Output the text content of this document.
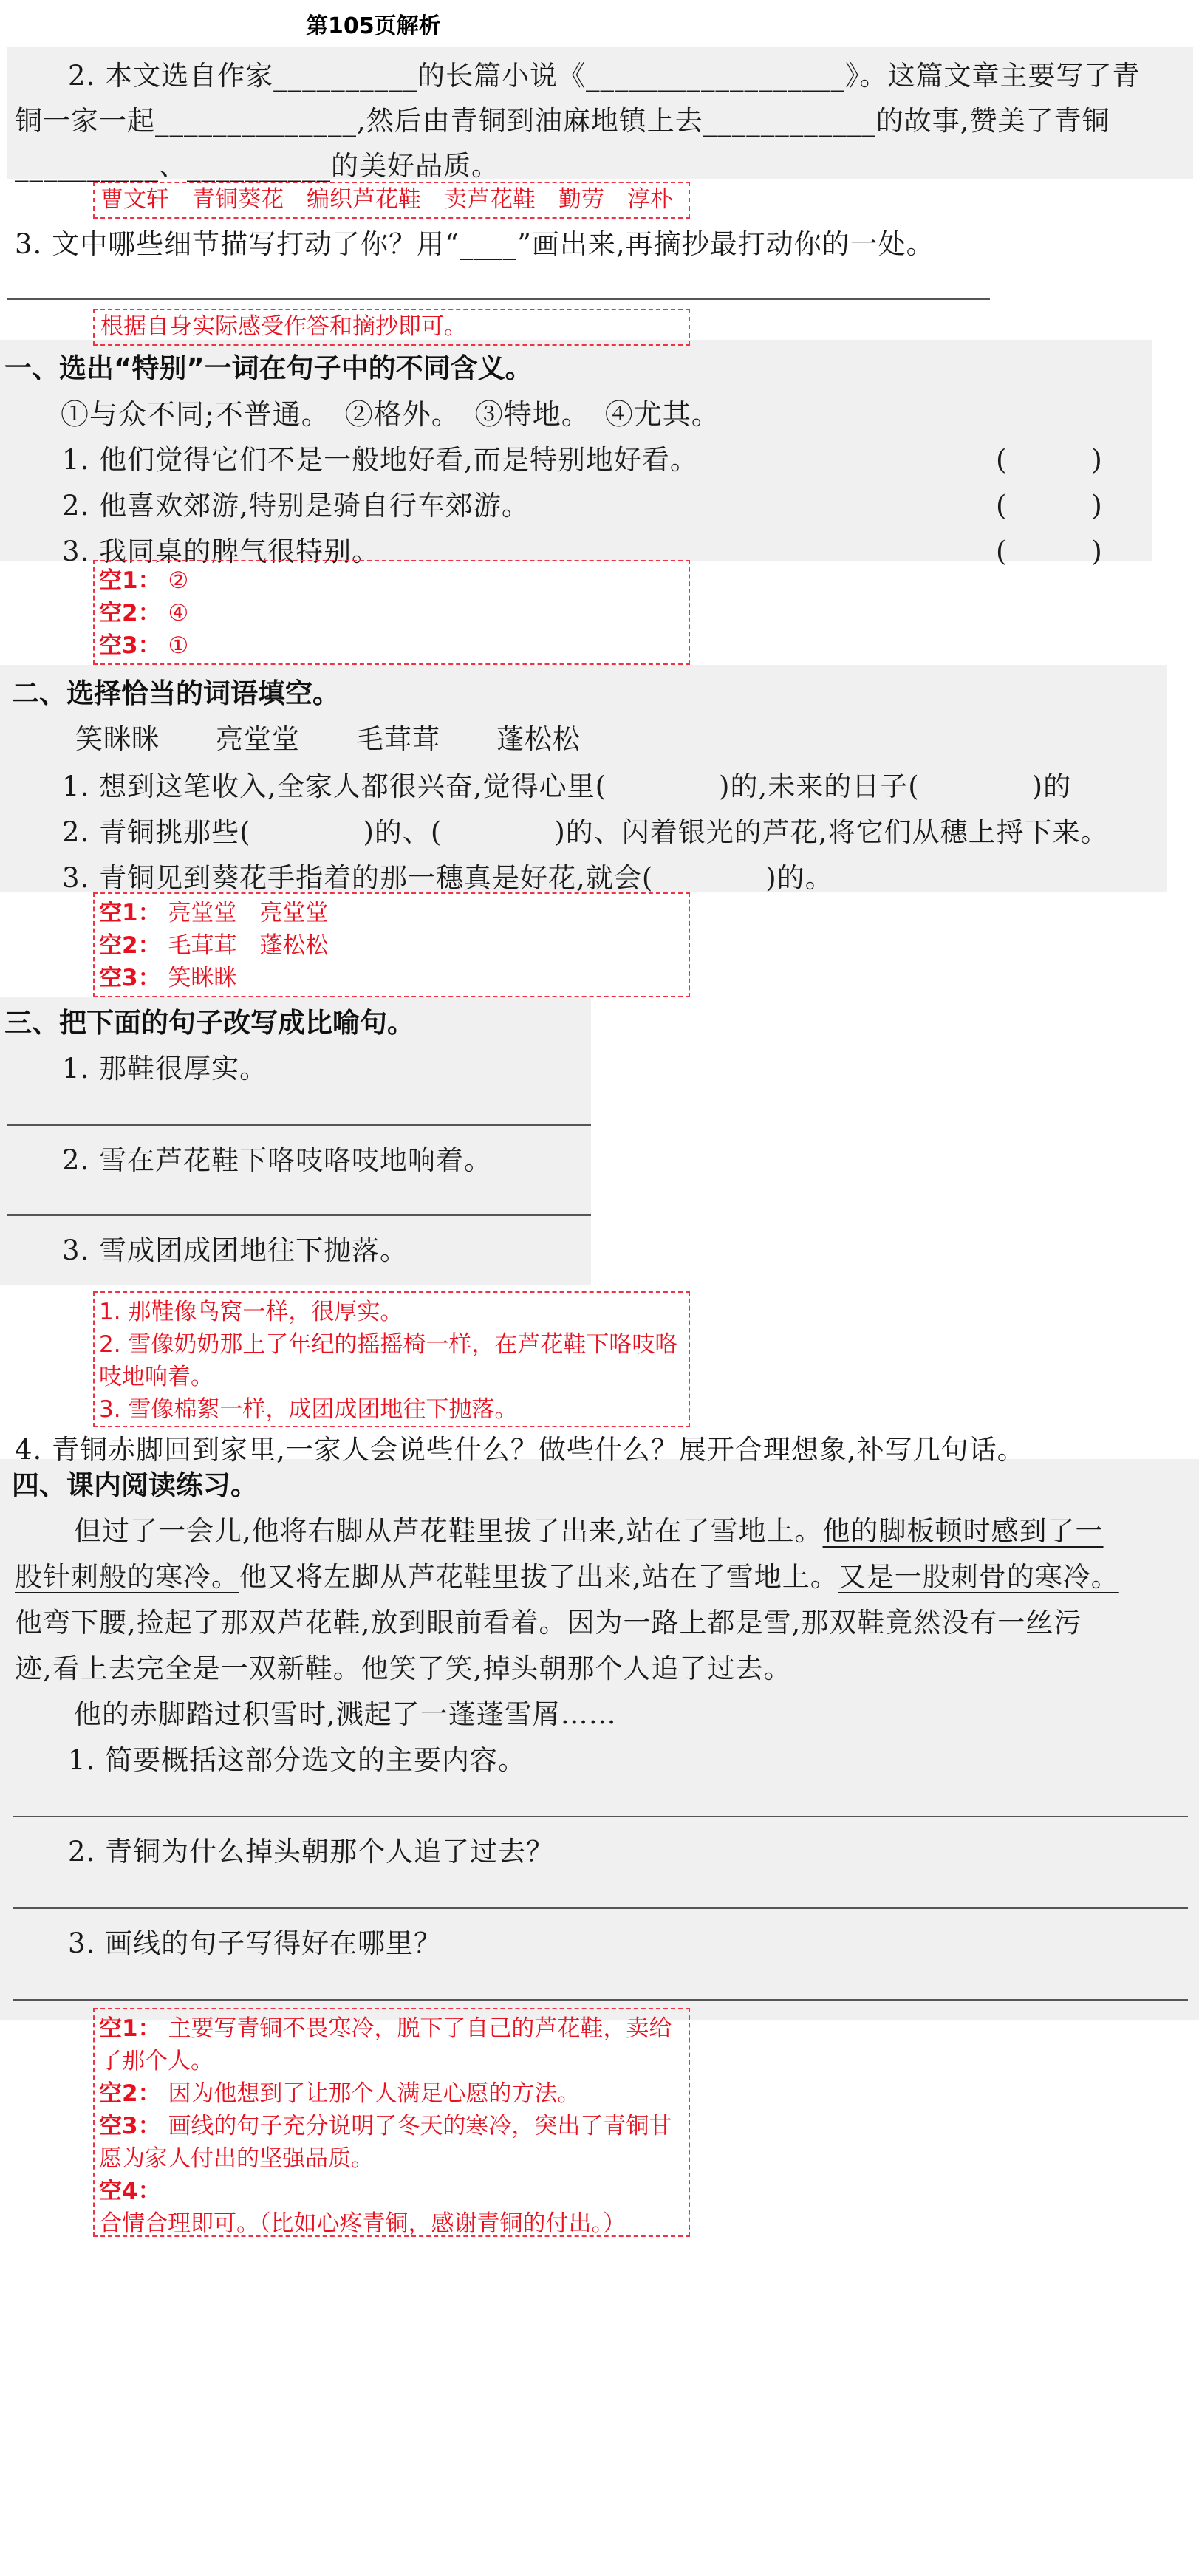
第105页解析
2. 本文选自作家__________的长篇小说《__________________》。这篇文章主要写了青
铜一家一起______________,然后由青铜到油麻地镇上去____________的故事,赞美了青铜
__________、__________的美好品质。
曹文轩　青铜葵花　编织芦花鞋　卖芦花鞋　勤劳　淳朴
3. 文中哪些细节描写打动了你？用“____”画出来,再摘抄最打动你的一处。
根据自身实际感受作答和摘抄即可。
一、选出“特别”一词在句子中的不同含义。
①与众不同;不普通。　②格外。　③特地。　④尤其。
1. 他们觉得它们不是一般地好看,而是特别地好看。	(　　　)
2. 他喜欢郊游,特别是骑自行车郊游。	(　　　)
3. 我同桌的脾气很特别。	(　　　)
空1： ②
空2： ④
空3： ①
二、选择恰当的词语填空。
笑眯眯　　亮堂堂　　毛茸茸　　蓬松松
1. 想到这笔收入,全家人都很兴奋,觉得心里(　　　　)的,未来的日子(　　　　)的
2. 青铜挑那些(　　　　)的、(　　　　)的、闪着银光的芦花,将它们从穗上捋下来。
3. 青铜见到葵花手指着的那一穗真是好花,就会(　　　　)的。
空1： 亮堂堂　亮堂堂
空2： 毛茸茸　蓬松松
空3： 笑眯眯
三、把下面的句子改写成比喻句。
1. 那鞋很厚实。
2. 雪在芦花鞋下咯吱咯吱地响着。
3. 雪成团成团地往下抛落。
1. 那鞋像鸟窝一样，很厚实。
2. 雪像奶奶那上了年纪的摇摇椅一样，在芦花鞋下咯吱咯吱地响着。
3. 雪像棉絮一样，成团成团地往下抛落。
4. 青铜赤脚回到家里,一家人会说些什么？做些什么？展开合理想象,补写几句话。
四、课内阅读练习。
但过了一会儿,他将右脚从芦花鞋里拔了出来,站在了雪地上。他的脚板顿时感到了一
股针刺般的寒冷。他又将左脚从芦花鞋里拔了出来,站在了雪地上。又是一股刺骨的寒冷。
他弯下腰,捡起了那双芦花鞋,放到眼前看着。因为一路上都是雪,那双鞋竟然没有一丝污
迹,看上去完全是一双新鞋。他笑了笑,掉头朝那个人追了过去。
他的赤脚踏过积雪时,溅起了一蓬蓬雪屑……
1. 简要概括这部分选文的主要内容。
2. 青铜为什么掉头朝那个人追了过去？
3. 画线的句子写得好在哪里？
空1： 主要写青铜不畏寒冷，脱下了自己的芦花鞋，卖给了那个人。
空2： 因为他想到了让那个人满足心愿的方法。
空3： 画线的句子充分说明了冬天的寒冷，突出了青铜甘愿为家人付出的坚强品质。
空4： 合情合理即可。（比如心疼青铜，感谢青铜的付出。）
